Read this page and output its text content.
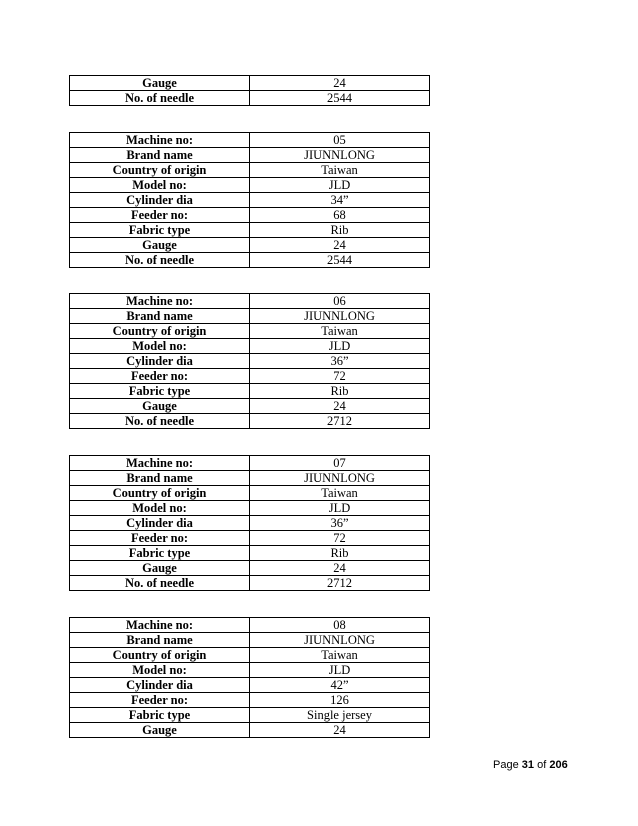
Gauge	24
No. of needle	2544
Machine no:	05
Brand name	JIUNNLONG
Country of origin	Taiwan
Model no:	JLD
Cylinder dia	34”
Feeder no:	68
Fabric type	Rib
Gauge	24
No. of needle	2544
Machine no:	06
Brand name	JIUNNLONG
Country of origin	Taiwan
Model no:	JLD
Cylinder dia	36”
Feeder no:	72
Fabric type	Rib
Gauge	24
No. of needle	2712
Machine no:	07
Brand name	JIUNNLONG
Country of origin	Taiwan
Model no:	JLD
Cylinder dia	36”
Feeder no:	72
Fabric type	Rib
Gauge	24
No. of needle	2712
Machine no:	08
Brand name	JIUNNLONG
Country of origin	Taiwan
Model no:	JLD
Cylinder dia	42”
Feeder no:	126
Fabric type	Single jersey
Gauge	24
Page 31 of 206
